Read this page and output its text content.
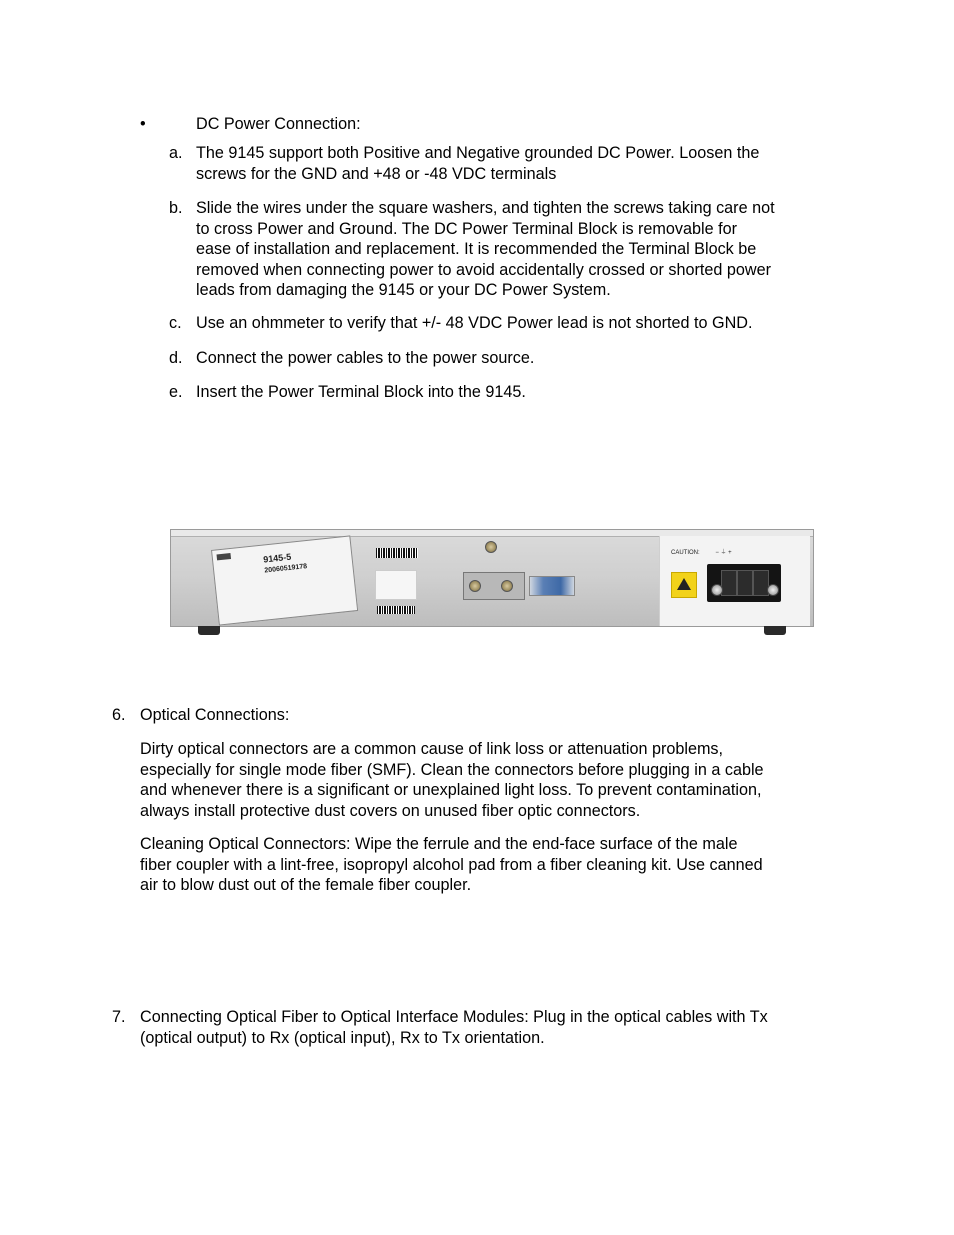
•	DC Power Connection:
a. The 9145 support both Positive and Negative grounded DC Power. Loosen the
screws for the GND and +48 or -48 VDC terminals
b. Slide the wires under the square washers, and tighten the screws taking care not
to cross Power and Ground. The DC Power Terminal Block is removable for
ease of installation and replacement. It is recommended the Terminal Block be
removed when connecting power to avoid accidentally crossed or shorted power
leads from damaging the 9145 or your DC Power System.
c. Use an ohmmeter to verify that +/- 48 VDC Power lead is not shorted to GND.
d. Connect the power cables to the power source.
e. Insert the Power Terminal Block into the 9145.
9145-5
20060519178
CAUTION:	− ⏚ +
6. Optical Connections:
Dirty optical connectors are a common cause of link loss or attenuation problems,
especially for single mode fiber (SMF). Clean the connectors before plugging in a cable
and whenever there is a significant or unexplained light loss. To prevent contamination,
always install protective dust covers on unused fiber optic connectors.
Cleaning Optical Connectors: Wipe the ferrule and the end-face surface of the male
fiber coupler with a lint-free, isopropyl alcohol pad from a fiber cleaning kit. Use canned
air to blow dust out of the female fiber coupler.
7. Connecting Optical Fiber to Optical Interface Modules: Plug in the optical cables with Tx
(optical output) to Rx (optical input), Rx to Tx orientation.
